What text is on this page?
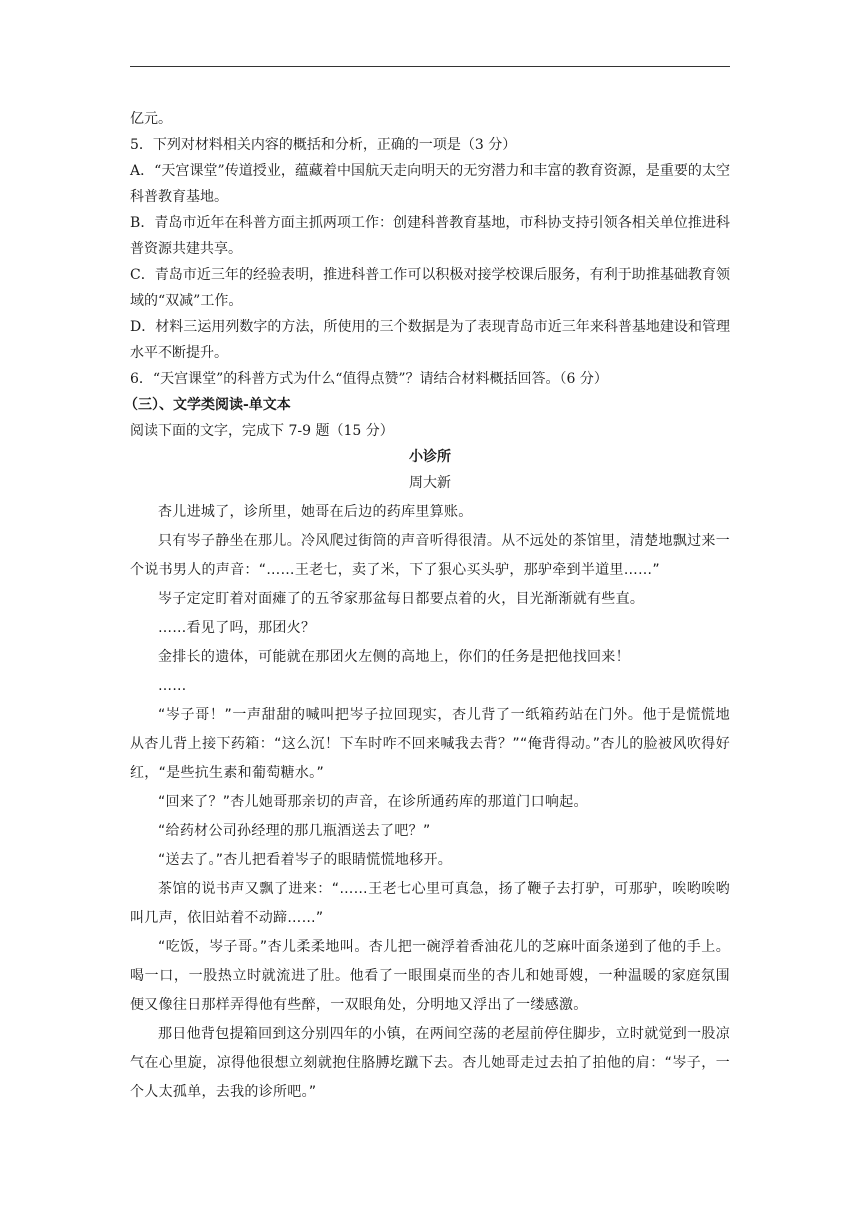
亿元。
5．下列对材料相关内容的概括和分析，正确的一项是（3 分）
A．“天宫课堂”传道授业，蕴藏着中国航天走向明天的无穷潜力和丰富的教育资源，是重要的太空科普教育基地。
B．青岛市近年在科普方面主抓两项工作：创建科普教育基地，市科协支持引领各相关单位推进科普资源共建共享。
C．青岛市近三年的经验表明，推进科普工作可以积极对接学校课后服务，有利于助推基础教育领域的“双减”工作。
D．材料三运用列数字的方法，所使用的三个数据是为了表现青岛市近三年来科普基地建设和管理水平不断提升。
6．“天宫课堂”的科普方式为什么“值得点赞”？请结合材料概括回答。（6 分）
（三）、文学类阅读-单文本
阅读下面的文字，完成下 7-9 题（15 分）
小诊所
周大新

杏儿进城了，诊所里，她哥在后边的药库里算账。

只有岑子静坐在那儿。冷风爬过街筒的声音听得很清。从不远处的茶馆里，清楚地飘过来一个说书男人的声音：“……王老七，卖了米，下了狠心买头驴，那驴牵到半道里……”

岑子定定盯着对面瘫了的五爷家那盆每日都要点着的火，目光渐渐就有些直。

……看见了吗，那团火？

金排长的遗体，可能就在那团火左侧的高地上，你们的任务是把他找回来！

……

“岑子哥！”一声甜甜的喊叫把岑子拉回现实，杏儿背了一纸箱药站在门外。他于是慌慌地从杏儿背上接下药箱：“这么沉！下车时咋不回来喊我去背？”“俺背得动。”杏儿的脸被风吹得好红，“是些抗生素和葡萄糖水。”

“回来了？”杏儿她哥那亲切的声音，在诊所通药库的那道门口响起。

“给药材公司孙经理的那几瓶酒送去了吧？”

“送去了。”杏儿把看着岑子的眼睛慌慌地移开。

茶馆的说书声又飘了进来：“……王老七心里可真急，扬了鞭子去打驴，可那驴，唉哟唉哟叫几声，依旧站着不动蹄……”

“吃饭，岑子哥。”杏儿柔柔地叫。杏儿把一碗浮着香油花儿的芝麻叶面条递到了他的手上。喝一口，一股热立时就流进了肚。他看了一眼围桌而坐的杏儿和她哥嫂，一种温暖的家庭氛围便又像往日那样弄得他有些醉，一双眼角处，分明地又浮出了一缕感激。

那日他背包提箱回到这分别四年的小镇，在两间空荡的老屋前停住脚步，立时就觉到一股凉气在心里旋，凉得他很想立刻就抱住胳膊圪蹴下去。杏儿她哥走过去拍了拍他的肩：“岑子，一个人太孤单，去我的诊所吧。”
